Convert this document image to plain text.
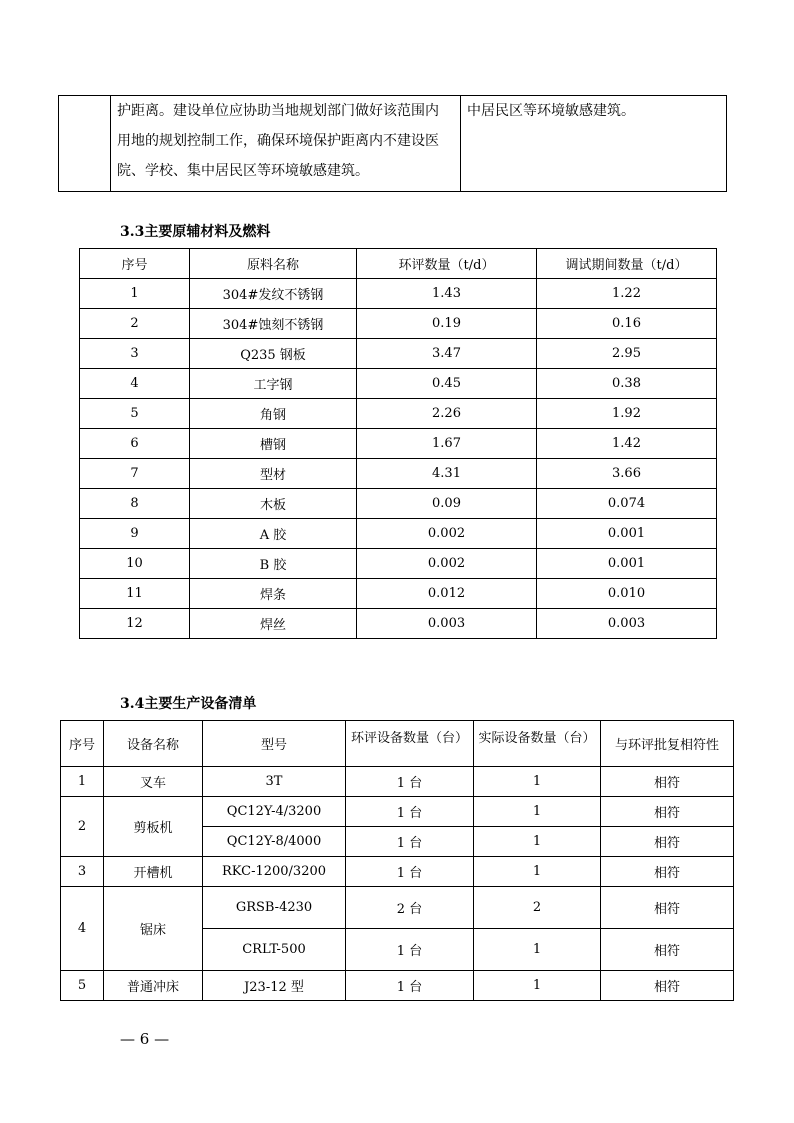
护距离。建设单位应协助当地规划部门做好该范围内
用地的规划控制工作，确保环境保护距离内不建设医
院、学校、集中居民区等环境敏感建筑。

中居民区等环境敏感建筑。
3.3主要原辅材料及燃料
序号	原料名称	环评数量（t/d）	调试期间数量（t/d）
1	304#发纹不锈钢	1.43	1.22
2	304#蚀刻不锈钢	0.19	0.16
3	Q235 钢板	3.47	2.95
4	工字钢	0.45	0.38
5	角钢	2.26	1.92
6	槽钢	1.67	1.42
7	型材	4.31	3.66
8	木板	0.09	0.074
9	A 胶	0.002	0.001
10	B 胶	0.002	0.001
11	焊条	0.012	0.010
12	焊丝	0.003	0.003
3.4主要生产设备清单
序号	设备名称	型号	环评设备数量（台）	实际设备数量（台）	与环评批复相符性
1	叉车	3T	1 台	1	相符
2	剪板机	QC12Y-4/3200	1 台	1	相符
		QC12Y-8/4000	1 台	1	相符
3	开槽机	RKC-1200/3200	1 台	1	相符
4	锯床	GRSB-4230	2 台	2	相符
		CRLT-500	1 台	1	相符
5	普通冲床	J23-12 型	1 台	1	相符
— 6 —
